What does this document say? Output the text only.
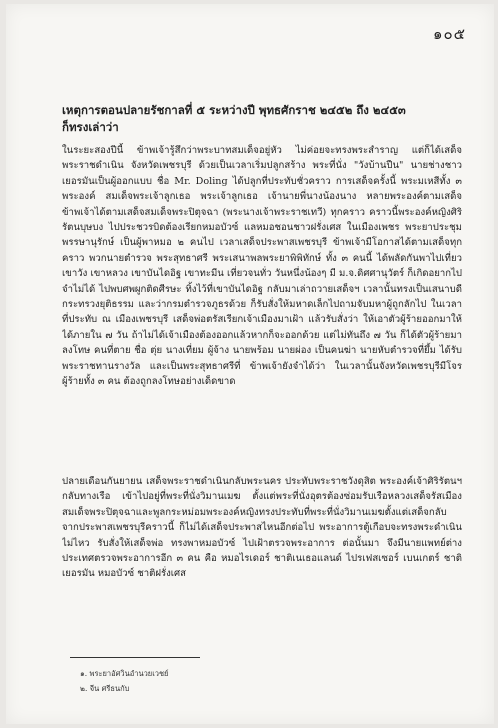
๑๐๕
เหตุการตอนปลายรัชกาลที่ ๕ ระหว่างปี พุทธศักราช ๒๔๕๒ ถึง ๒๔๕๓
ก็ทรงเล่าว่า
ในระยะสองปีนี้ ข้าพเจ้ารู้สึกว่าพระบาทสมเด็จอยู่หัว ไม่ค่อยจะทรงพระสำราญ แต่ก็ได้เสด็จพระราชดำเนิน จังหวัดเพชรบุรี ด้วยเป็นเวลาเริ่มปลูกสร้าง พระที่นั่ง "วังบ้านปืน" นายช่างชาวเยอรมันเป็นผู้ออกแบบ ชื่อ Mr. Doling ได้ปลูกที่ประทับชั่วคราว การเสด็จครั้งนี้ พระมเหสีทั้ง ๓ พระองค์ สมเด็จพระเจ้าลูกเธอ พระเจ้าลูกเธอ เจ้านายพี่นางน้องนาง หลายพระองค์ตามเสด็จ ข้าพเจ้าได้ตามเสด็จสมเด็จพระปิตุจฉา (พระนางเจ้าพระราชเทวี) ทุกคราว คราวนี้พระองค์หญิงศิริรัตนบุษบง ไปประชวรบิดต้องเรียกหมอบัวซ์ แลหมอชอนชาวฝรั่งเศส ในเมืองเพชร พระยาประชุมพรรษานุรักษ์ เป็นผู้พาหมอ ๒ คนไป เวลาเสด็จประพาสเพชรบุรี ข้าพเจ้ามีโอกาสได้ตามเสด็จทุกคราว พวกนายตำรวจ พระสุทธาศรี พระเสนาพลพระยาพิพิทักษ์ ทั้ง ๓ คนนี้ ได้พลัดกันพาไปเที่ยวเขาวัง เขาหลวง เขาบันไดอิฐ เขาทะมีน เที่ยวจนทั่ว วันหนึ่งน้องๆ มี ม.จ.ดิศศานุวัตร์ ก็เกิดอยากไป จำไม่ได้ ไปพบศพผูกติดศีรษะ ทิ้งไว้ที่เขาบันไดอิฐ กลับมาเล่าถวายเสด็จฯ เวลานั้นทรงเป็นเสนาบดีกระทรวงยุติธรรม และว่ากรมตำรวจภูธรด้วย ก็รับสั่งให้มหาดเล็กไปถามจับมหาผู้ถูกลักไป ในเวลาที่ประทับ ณ เมืองเพชรบุรี เสด็จพ่อตรัสเรียกเจ้าเมืองมาเฝ้า แล้วรับสั่งว่า ให้เอาตัวผู้ร้ายออกมาให้ได้ภายใน ๗ วัน ถ้าไม่ได้เจ้าเมืองต้องออกแล้วหากก็จะออกด้วย แต่ไม่ทันถึง ๗ วัน ก็ได้ตัวผู้ร้ายมาลงโทษ คนที่ตาย ชื่อ ตุ่ย นางเที่ยม ผู้จ้าง นายพร้อม นายผ่อง เป็นคนฆ่า นายหับตำรวจที่ยึ้ม ได้รับพระราชทานรางวัล และเป็นพระสุทธาศรีที่ ข้าพเจ้ายังจำได้ว่า ในเวลานั้นจังหวัดเพชรบุรีมีโจรผู้ร้ายทั้ง ๓ คน ต้องถูกลงโทษอย่างเด็ดขาด
ปลายเดือนกันยายน เสด็จพระราชดำเนินกลับพระนคร ประทับพระราชวังดุสิต พระองค์เจ้าศิริรัตนฯ กลับทางเรือ เข้าไปอยู่ที่พระที่นั่งวิมานเมฆ ตั้งแต่พระที่นั่งอุตรต้องซ่อมรับเรือหลวงเสด็จรัสเมือง สมเด็จพระปิตุจฉาและพูลกระหม่อมพระองค์หญิงทรงประทับที่พระที่นั่งวิมานเมฆตั้งแต่เสด็จกลับจากประพาสเพชรบุรีคราวนี้ ก็ไม่ได้เสด็จประพาสไหนอีกต่อไป พระอาการตู้เกือบจะทรงพระดำเนินไม่ไหว รับสั่งให้เสด็จพ่อ ทรงพาหมอบัวซ์ ไปเฝ้าตรวจพระอาการ ต่อนั้นมา จึงมีนายแพทย์ต่างประเทศตรวจพระอาการอีก ๓ คน คือ หมอไรเดอร์ ชาติเนเธอแลนด์ ไปรเฟสเซอร์ เบนเกตร์ ชาติเยอรมัน หมอบัวซ์ ชาติฝรั่งเศส
๑. พระยาอัศวินอำนวยเวชย์
๒. จีน ศรีธนกับ
